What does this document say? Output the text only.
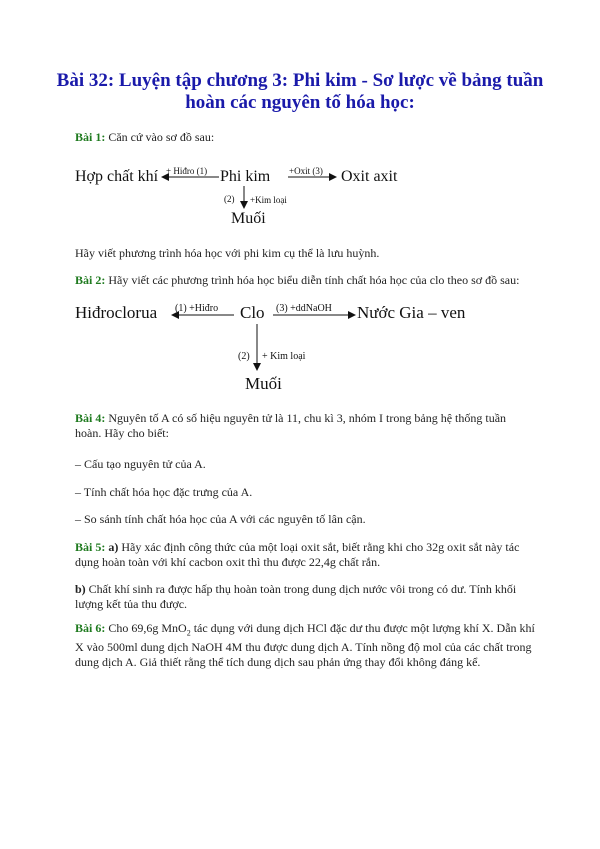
Bài 32: Luyện tập chương 3: Phi kim - Sơ lược về bảng tuần hoàn các nguyên tố hóa học:

Bài 1: Căn cứ vào sơ đồ sau:

Hợp chất khí	Phi kim	Oxit axit
Muối
+ Hiđro (1)	+Oxit (3)
(2) +Kim loại
Hiđroclorua	Clo	Nước Gia – ven
Muối
(1) +Hiđro	(3) +ddNaOH
(2) + Kim loại

Hãy viết phương trình hóa học với phi kim cụ thể là lưu huỳnh.

Bài 2: Hãy viết các phương trình hóa học biểu diễn tính chất hóa học của clo theo sơ đồ sau:

Bài 4: Nguyên tố A có số hiệu nguyên tử là 11, chu kì 3, nhóm I trong bảng hệ thống tuần hoàn. Hãy cho biết:

– Cấu tạo nguyên tử của A.

– Tính chất hóa học đặc trưng của A.

– So sánh tính chất hóa học của A với các nguyên tố lân cận.

Bài 5: a) Hãy xác định công thức của một loại oxit sắt, biết rằng khi cho 32g oxit sắt này tác dụng hoàn toàn với khí cacbon oxit thì thu được 22,4g chất rắn.

b) Chất khí sinh ra được hấp thụ hoàn toàn trong dung dịch nước vôi trong có dư. Tính khối lượng kết tủa thu được.

Bài 6: Cho 69,6g MnO$_2$ tác dụng với dung dịch HCl đặc dư thu được một lượng khí X. Dẫn khí X vào 500ml dung dịch NaOH 4M thu được dung dịch A. Tính nồng độ mol của các chất trong dung dịch A. Giả thiết rằng thể tích dung dịch sau phản ứng thay đổi không đáng kể.
